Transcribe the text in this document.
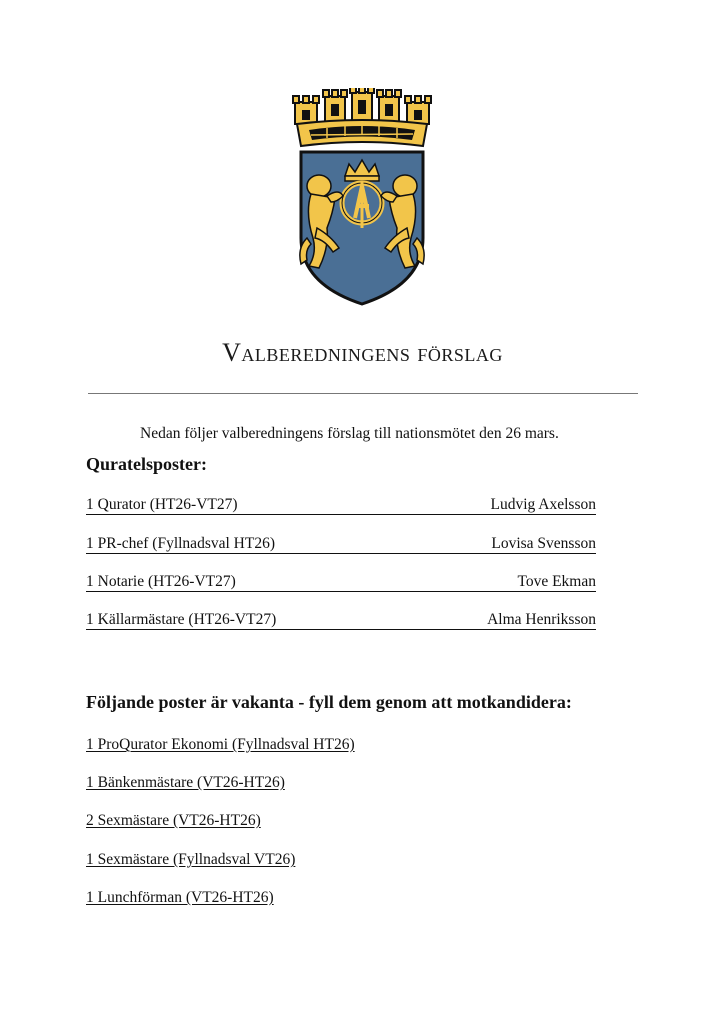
Valberedningens förslag
Nedan följer valberedningens förslag till nationsmötet den 26 mars.
Quratelsposter:
1 Qurator (HT26-VT27)	Ludvig Axelsson
1 PR-chef (Fyllnadsval HT26)	Lovisa Svensson
1 Notarie (HT26-VT27)	Tove Ekman
1 Källarmästare (HT26-VT27)	Alma Henriksson
Följande poster är vakanta - fyll dem genom att motkandidera:
1 ProQurator Ekonomi (Fyllnadsval HT26)
1 Bänkenmästare (VT26-HT26)
2 Sexmästare (VT26-HT26)
1 Sexmästare (Fyllnadsval VT26)
1 Lunchförman (VT26-HT26)
